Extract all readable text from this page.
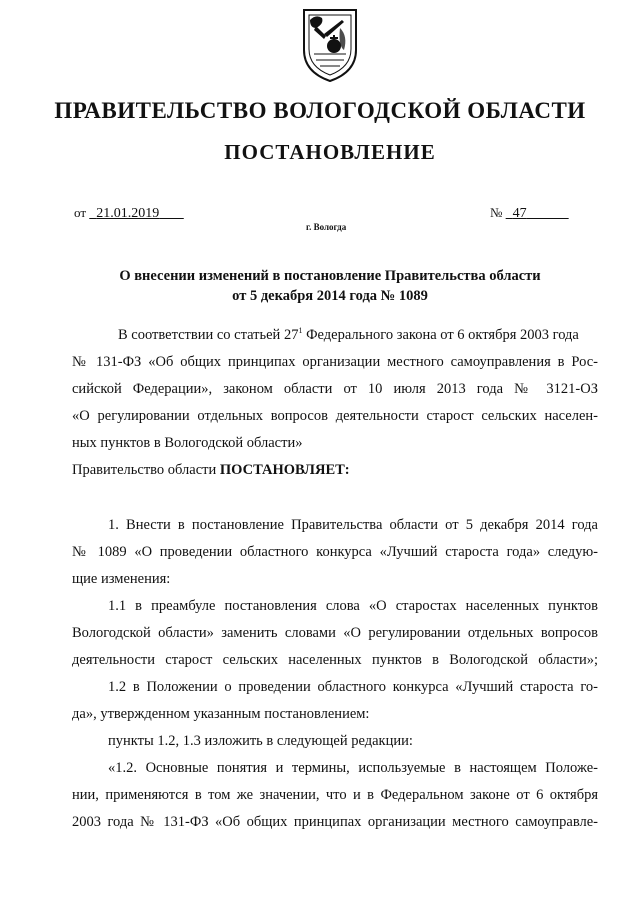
ПРАВИТЕЛЬСТВО ВОЛОГОДСКОЙ ОБЛАСТИ
ПОСТАНОВЛЕНИЕ
от 21.01.2019	№ 47
г. Вологда
О внесении изменений в постановление Правительства области
от 5 декабря 2014 года № 1089
В соответствии со статьей $27^1$ Федерального закона от 6 октября 2003 года
№ 131-ФЗ «Об общих принципах организации местного самоуправления в Рос-
сийской Федерации», законом области от 10 июля 2013 года № 3121-ОЗ
«О регулировании отдельных вопросов деятельности старост сельских населен-
ных пунктов в Вологодской области»
Правительство области ПОСТАНОВЛЯЕТ:
1. Внести в постановление Правительства области от 5 декабря 2014 года
№ 1089 «О проведении областного конкурса «Лучший староста года» следую-
щие изменения:
1.1 в преамбуле постановления слова «О старостах населенных пунктов
Вологодской области» заменить словами «О регулировании отдельных вопросов
деятельности старост сельских населенных пунктов в Вологодской области»;
1.2 в Положении о проведении областного конкурса «Лучший староста го-
да», утвержденном указанным постановлением:
пункты 1.2, 1.3 изложить в следующей редакции:
«1.2. Основные понятия и термины, используемые в настоящем Положе-
нии, применяются в том же значении, что и в Федеральном законе от 6 октября
2003 года № 131-ФЗ «Об общих принципах организации местного самоуправле-
